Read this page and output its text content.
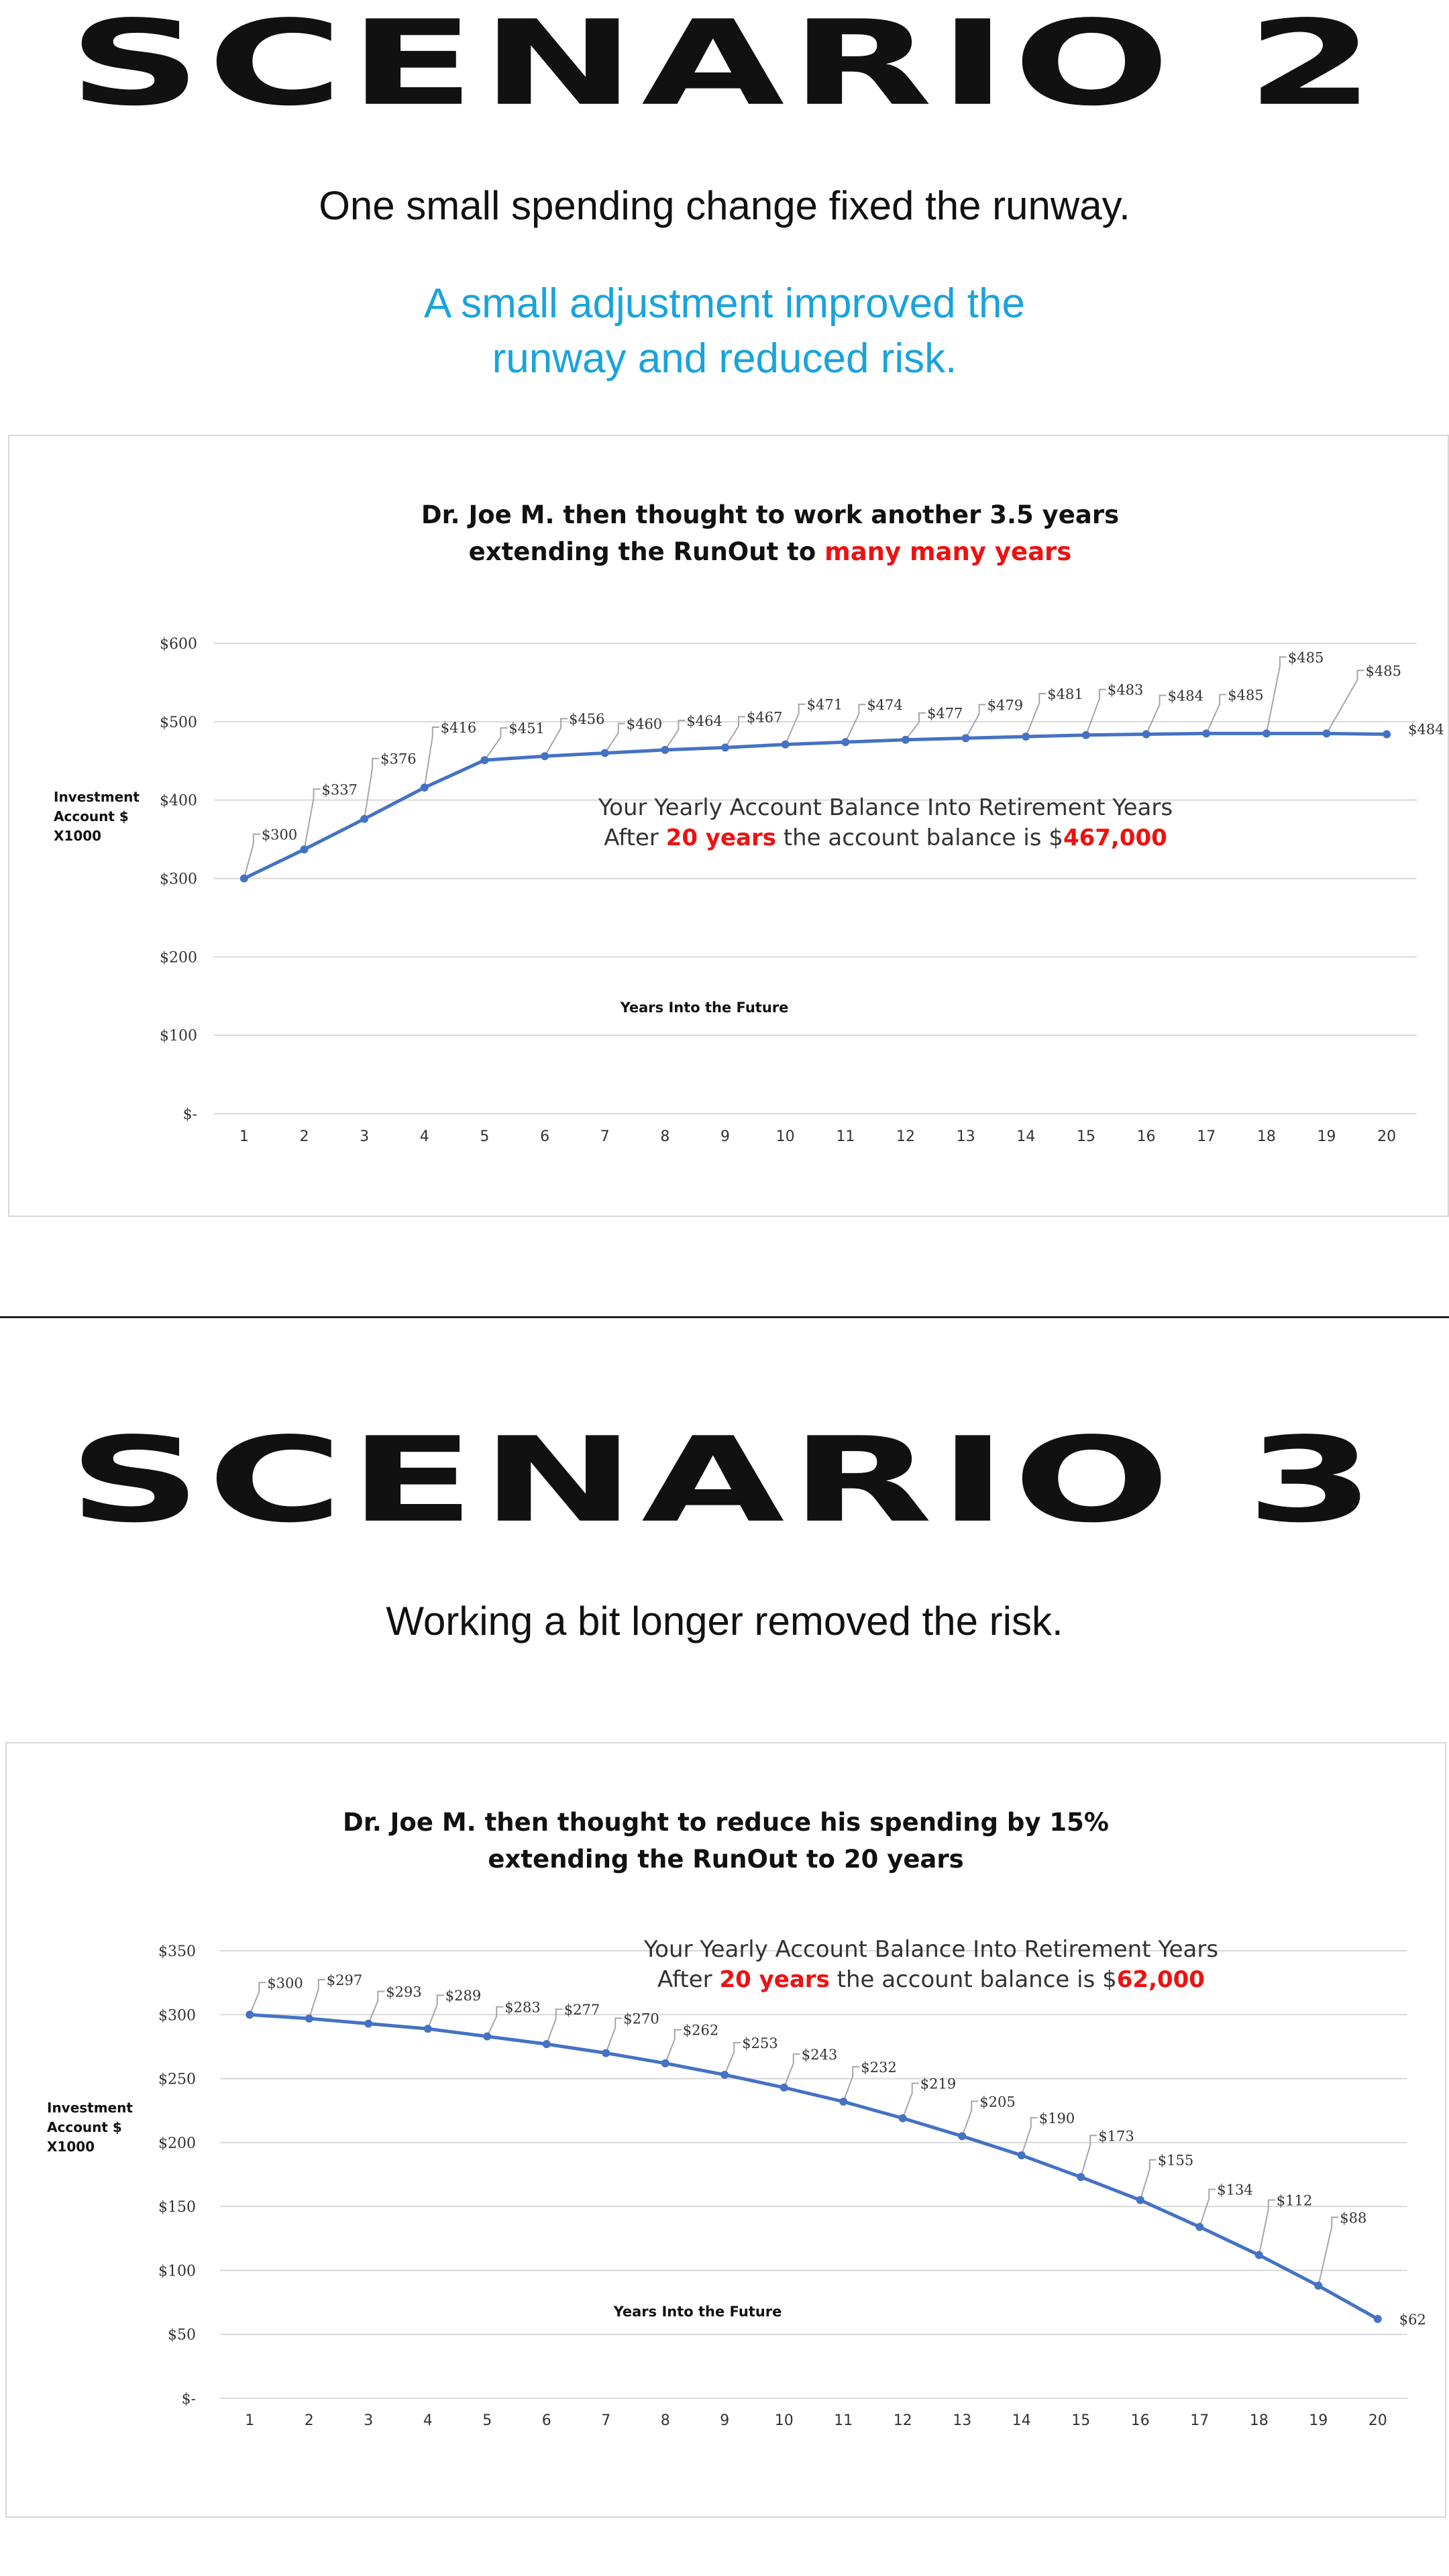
SCENARIO 2
One small spending change fixed the runway.
A small adjustment improved the
runway and reduced risk.
Dr. Joe M. then thought to work another 3.5 years
extending the RunOut to many many years
$-
$100
$200
$300
$400
$500
$600
1	2	3	4	5	6	7	8	9	10	11	12	13	14	15	16	17	18	19	20
Investment
Account $
X1000
Years Into the Future
Your Yearly Account Balance Into Retirement Years
After 20 years the account balance is $467,000
$300
$337
$376
$416 $451
$456 $460 $464 $467
$471 $474
$477
$479
$481 $483 $484 $485
$485
$485
$484
SCENARIO 3
Working a bit longer removed the risk.
Dr. Joe M. then thought to reduce his spending by 15%
extending the RunOut to 20 years
$-
$50
$100
$150
$200
$250
$300
$350
1	2	3	4	5	6	7	8	9	10	11	12	13	14	15	16	17	18	19	20
Investment
Account $
X1000
Years Into the Future
Your Yearly Account Balance Into Retirement Years
After 20 years the account balance is $62,000
$300 $297
$293 $289
$283 $277
$270
$262
$253
$243
$232
$219
$205
$190
$173
$155
$134
$112
$88
$62
